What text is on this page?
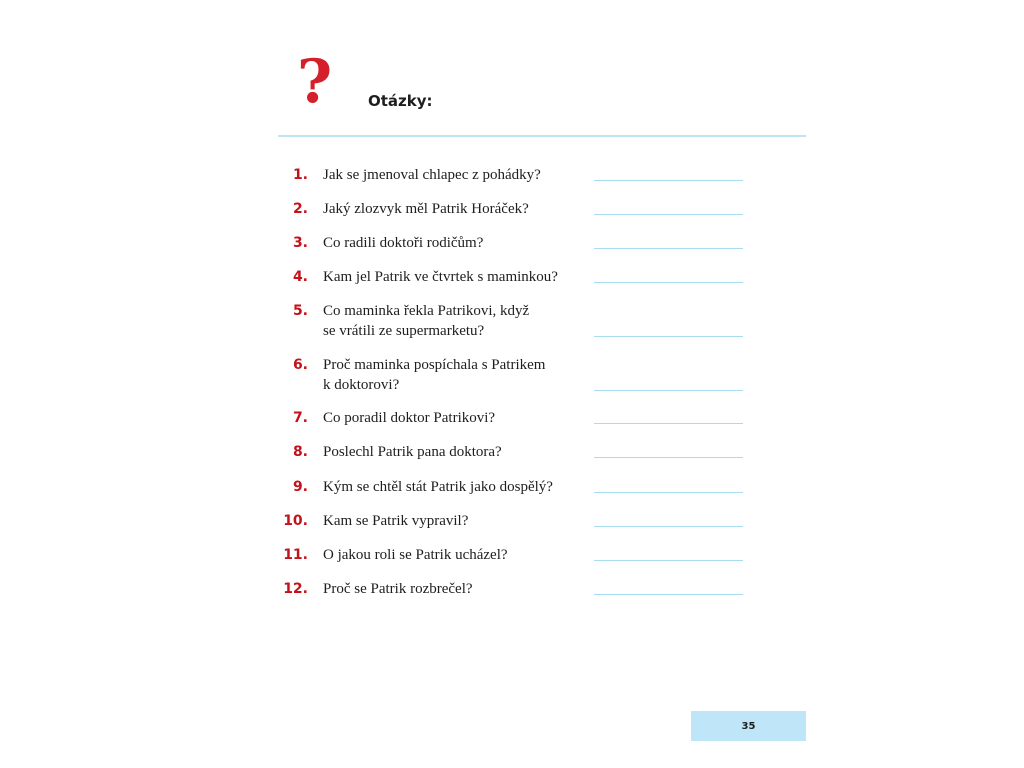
? Otázky:
1. Jak se jmenoval chlapec z pohádky?
2. Jaký zlozvyk měl Patrik Horáček?
3. Co radili doktoři rodičům?
4. Kam jel Patrik ve čtvrtek s maminkou?
5. Co maminka řekla Patrikovi, když
se vrátili ze supermarketu?
6. Proč maminka pospíchala s Patrikem
k doktorovi?
7. Co poradil doktor Patrikovi?
8. Poslechl Patrik pana doktora?
9. Kým se chtěl stát Patrik jako dospělý?
10. Kam se Patrik vypravil?
11. O jakou roli se Patrik ucházel?
12. Proč se Patrik rozbrečel?
35
